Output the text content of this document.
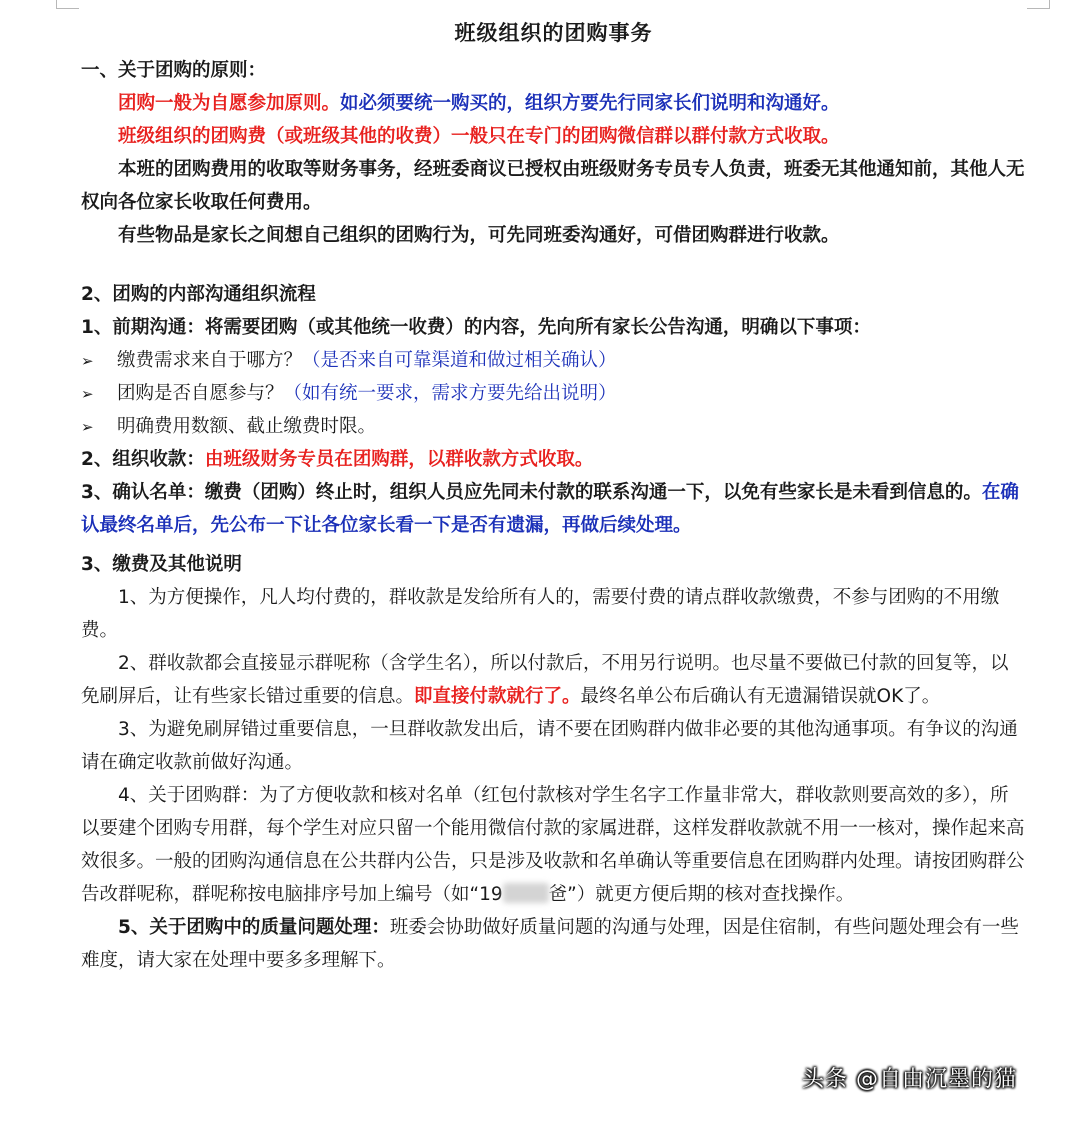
班级组织的团购事务

一、关于团购的原则：

团购一般为自愿参加原则。如必须要统一购买的，组织方要先行同家长们说明和沟通好。

班级组织的团购费（或班级其他的收费）一般只在专门的团购微信群以群付款方式收取。

本班的团购费用的收取等财务事务，经班委商议已授权由班级财务专员专人负责，班委无其他通知前，其他人无权向各位家长收取任何费用。

有些物品是家长之间想自己组织的团购行为，可先同班委沟通好，可借团购群进行收款。

2、团购的内部沟通组织流程

1、前期沟通：将需要团购（或其他统一收费）的内容，先向所有家长公告沟通，明确以下事项：

➢	缴费需求来自于哪方？（是否来自可靠渠道和做过相关确认）

➢	团购是否自愿参与？（如有统一要求，需求方要先给出说明）

➢	明确费用数额、截止缴费时限。

2、组织收款：由班级财务专员在团购群，以群收款方式收取。

3、确认名单：缴费（团购）终止时，组织人员应先同未付款的联系沟通一下，以免有些家长是未看到信息的。在确认最终名单后，先公布一下让各位家长看一下是否有遗漏，再做后续处理。

3、缴费及其他说明

1、为方便操作，凡人均付费的，群收款是发给所有人的，需要付费的请点群收款缴费，不参与团购的不用缴费。

2、群收款都会直接显示群呢称（含学生名），所以付款后，不用另行说明。也尽量不要做已付款的回复等，以免刷屏后，让有些家长错过重要的信息。即直接付款就行了。最终名单公布后确认有无遗漏错误就OK了。

3、为避免刷屏错过重要信息，一旦群收款发出后，请不要在团购群内做非必要的其他沟通事项。有争议的沟通请在确定收款前做好沟通。

4、关于团购群：为了方便收款和核对名单（红包付款核对学生名字工作量非常大，群收款则要高效的多），所以要建个团购专用群，每个学生对应只留一个能用微信付款的家属进群，这样发群收款就不用一一核对，操作起来高效很多。一般的团购沟通信息在公共群内公告，只是涉及收款和名单确认等重要信息在团购群内处理。请按团购群公告改群呢称，群呢称按电脑排序号加上编号（如“19 爸”）就更方便后期的核对查找操作。

5、关于团购中的质量问题处理：班委会协助做好质量问题的沟通与处理，因是住宿制，有些问题处理会有一些难度，请大家在处理中要多多理解下。

头条 @自由沉墨的猫
